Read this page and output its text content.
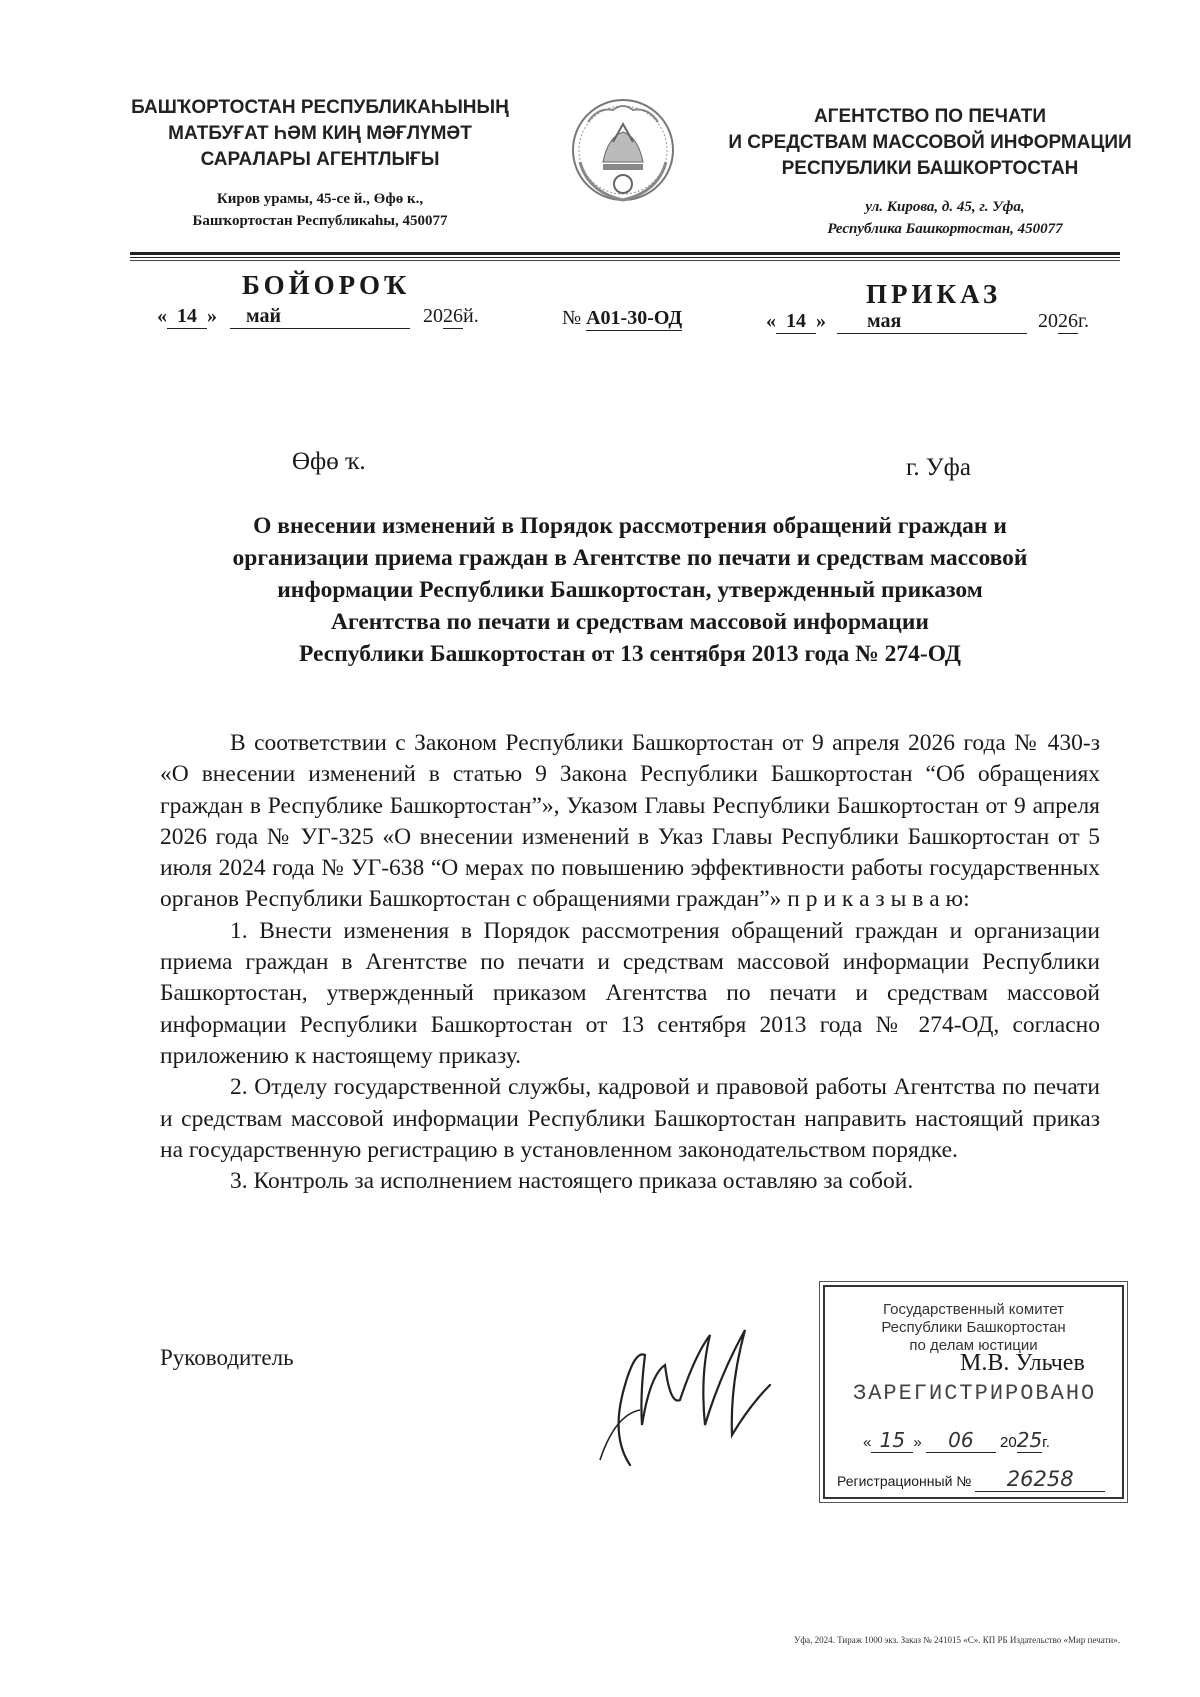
БАШҠОРТОСТАН РЕСПУБЛИКАҺЫНЫҢ
МАТБУҒАТ ҺӘМ КИҢ МӘҒЛҮМӘТ
САРАЛАРЫ АГЕНТЛЫҒЫ
Киров урамы, 45-се й., Өфө к.,
Башҡортостан Республикаһы, 450077
АГЕНТСТВО ПО ПЕЧАТИ
И СРЕДСТВАМ МАССОВОЙ ИНФОРМАЦИИ
РЕСПУБЛИКИ БАШКОРТОСТАН
ул. Кирова, д. 45, г. Уфа,
Республика Башкортостан, 450077
БОЙОРОҠ	ПРИКАЗ
« 14 » май	2026й.	№ А01-30-ОД	« 14 » мая	2026г.
Өфө ҡ.	г. Уфа
О внесении изменений в Порядок рассмотрения обращений граждан и
организации приема граждан в Агентстве по печати и средствам массовой
информации Республики Башкортостан, утвержденный приказом
Агентства по печати и средствам массовой информации
Республики Башкортостан от 13 сентября 2013 года № 274-ОД

В соответствии с Законом Республики Башкортостан от 9 апреля 2026 года № 430-з «О внесении изменений в статью 9 Закона Республики Башкортостан “Об обращениях граждан в Республике Башкортостан”», Указом Главы Республики Башкортостан от 9 апреля 2026 года № УГ-325 «О внесении изменений в Указ Главы Республики Башкортостан от 5 июля 2024 года № УГ-638 “О мерах по повышению эффективности работы государственных органов Республики Башкортостан с обращениями граждан”» п р и к а з ы в а ю:

1. Внести изменения в Порядок рассмотрения обращений граждан и организации приема граждан в Агентстве по печати и средствам массовой информации Республики Башкортостан, утвержденный приказом Агентства по печати и средствам массовой информации Республики Башкортостан от 13 сентября 2013 года № 274-ОД, согласно приложению к настоящему приказу.

2. Отделу государственной службы, кадровой и правовой работы Агентства по печати и средствам массовой информации Республики Башкортостан направить настоящий приказ на государственную регистрацию в установленном законодательством порядке.

3. Контроль за исполнением настоящего приказа оставляю за собой.

Руководитель	М.В. Ульчев
Государственный комитет
Республики Башкортостан
по делам юстиции
ЗАРЕГИСТРИРОВАНО
« 15 » 06 2025г.
Регистрационный № 26258
Уфа, 2024. Тираж 1000 экз. Заказ № 241015 «С». КП РБ Издательство «Мир печати».
